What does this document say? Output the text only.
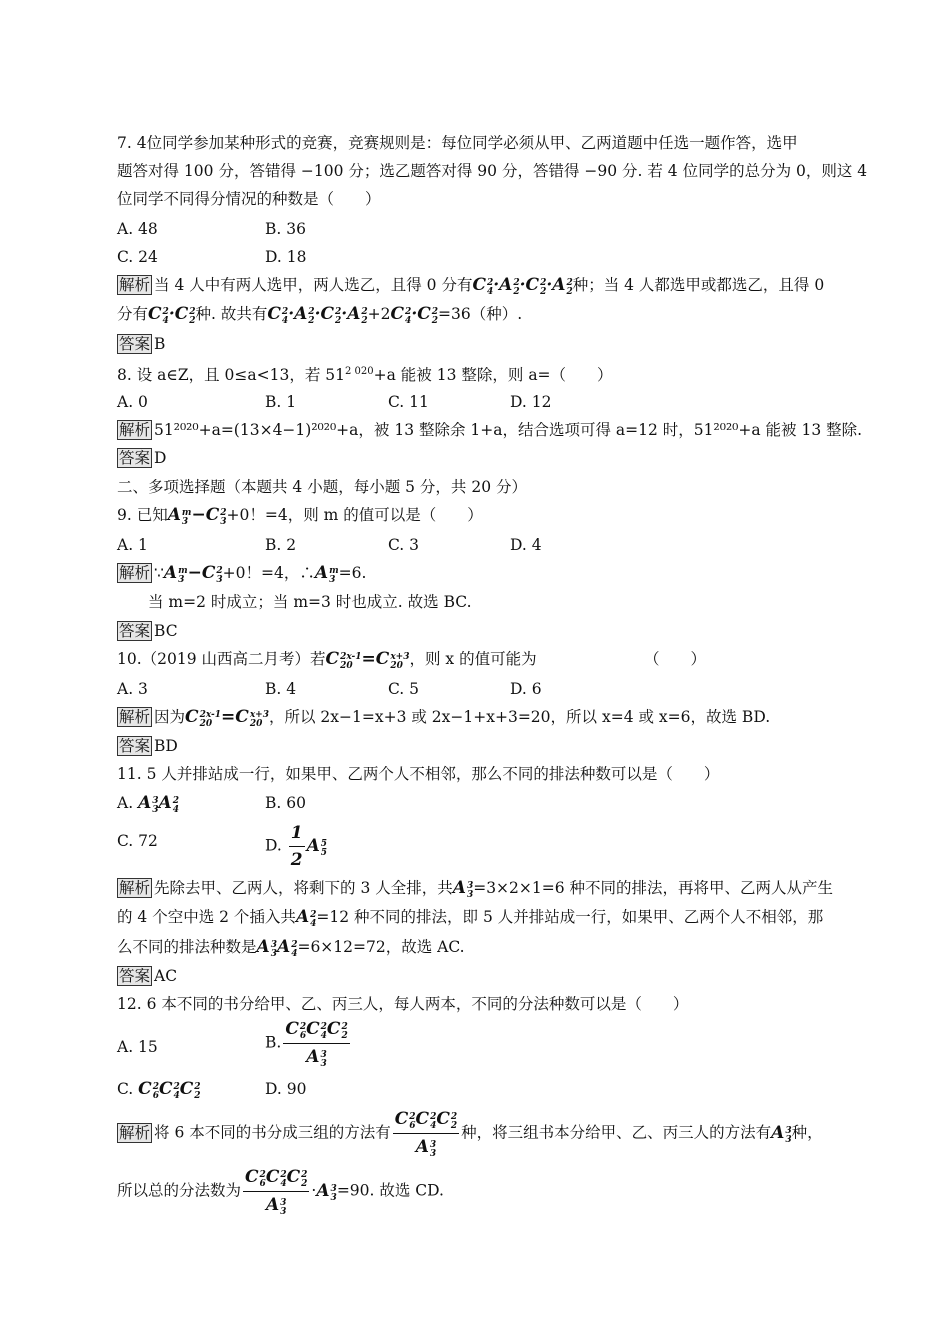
7. 4位同学参加某种形式的竞赛，竞赛规则是：每位同学必须从甲、乙两道题中任选一题作答，选甲
题答对得 100 分，答错得 −100 分；选乙题答对得 90 分，答错得 −90 分. 若 4 位同学的总分为 0，则这 4
位同学不同得分情况的种数是（　　）
A. 48	B. 36
C. 24	D. 18
解析 当 4 人中有两人选甲，两人选乙，且得 0 分有C 2
4 ·A 2
2 ·C 2
2 ·A 2
2 种；当 4 人都选甲或都选乙，且得 0
分有C 2
4 ·C 2
2 种. 故共有C 2
4 ·A 2
2 ·C 2
2 ·A 2
2 +2C 2
4 ·C 2
2 =36（种）.
答案 B
8. 设 a∈Z，且 0≤a<13，若 $51^{2 020}+a$ 能被 13 整除，则 a=（　　）
A. 0	B. 1	C. 11	D. 12
解析 51²⁰²⁰+a=(13×4−1)²⁰²⁰+a，被 13 整除余 1+a，结合选项可得 a=12 时，51²⁰²⁰+a 能被 13 整除.
答案 D
二、多项选择题（本题共 4 小题，每小题 5 分，共 20 分）
9. 已知A m
3 −C 2
3 +0！=4，则 m 的值可以是（　　）
A. 1	B. 2	C. 3	D. 4
解析 ∵A m
3 −C 2
3 +0！=4，∴A m
3 =6.
当 m=2 时成立；当 m=3 时也成立. 故选 BC.
答案 BC
10.（2019 山西高二月考）若C 2x-1
20 =C x+3
20 ，则 x 的值可能为	（　　）
A. 3	B. 4	C. 5	D. 6
解析 因为C 2x-1
20 =C x+3
20 ，所以 2x−1=x+3 或 2x−1+x+3=20，所以 x=4 或 x=6，故选 BD.
答案 BD
11. 5 人并排站成一行，如果甲、乙两个人不相邻，那么不同的排法种数可以是（　　）
A. A 3
3 A 2
4	B. 60
C. 72	D. $\frac{1}{2}$ A 5
5
解析 先除去甲、乙两人，将剩下的 3 人全排，共A 3
3 =3×2×1=6 种不同的排法，再将甲、乙两人从产生
的 4 个空中选 2 个插入共A 2
4 =12 种不同的排法，即 5 人并排站成一行，如果甲、乙两个人不相邻，那
么不同的排法种数是A 3
3 A 2
4 =6×12=72，故选 AC.
答案 AC
12. 6 本不同的书分给甲、乙、丙三人，每人两本，不同的分法种数可以是（　　）
A. 15	B. C 2
6 C 2
4 C 2
2
A 3
3
C. C 2
6 C 2
4 C 2
2	D. 90
解析 将 6 本不同的书分成三组的方法有 C 2
6 C 2
4 C 2
2
A 3
3 种，将三组书本分给甲、乙、丙三人的方法有A 3
3 种，
所以总的分法数为 C 2
6 C 2
4 C 2
2
A 3
3 ·A 3
3 =90. 故选 CD.
